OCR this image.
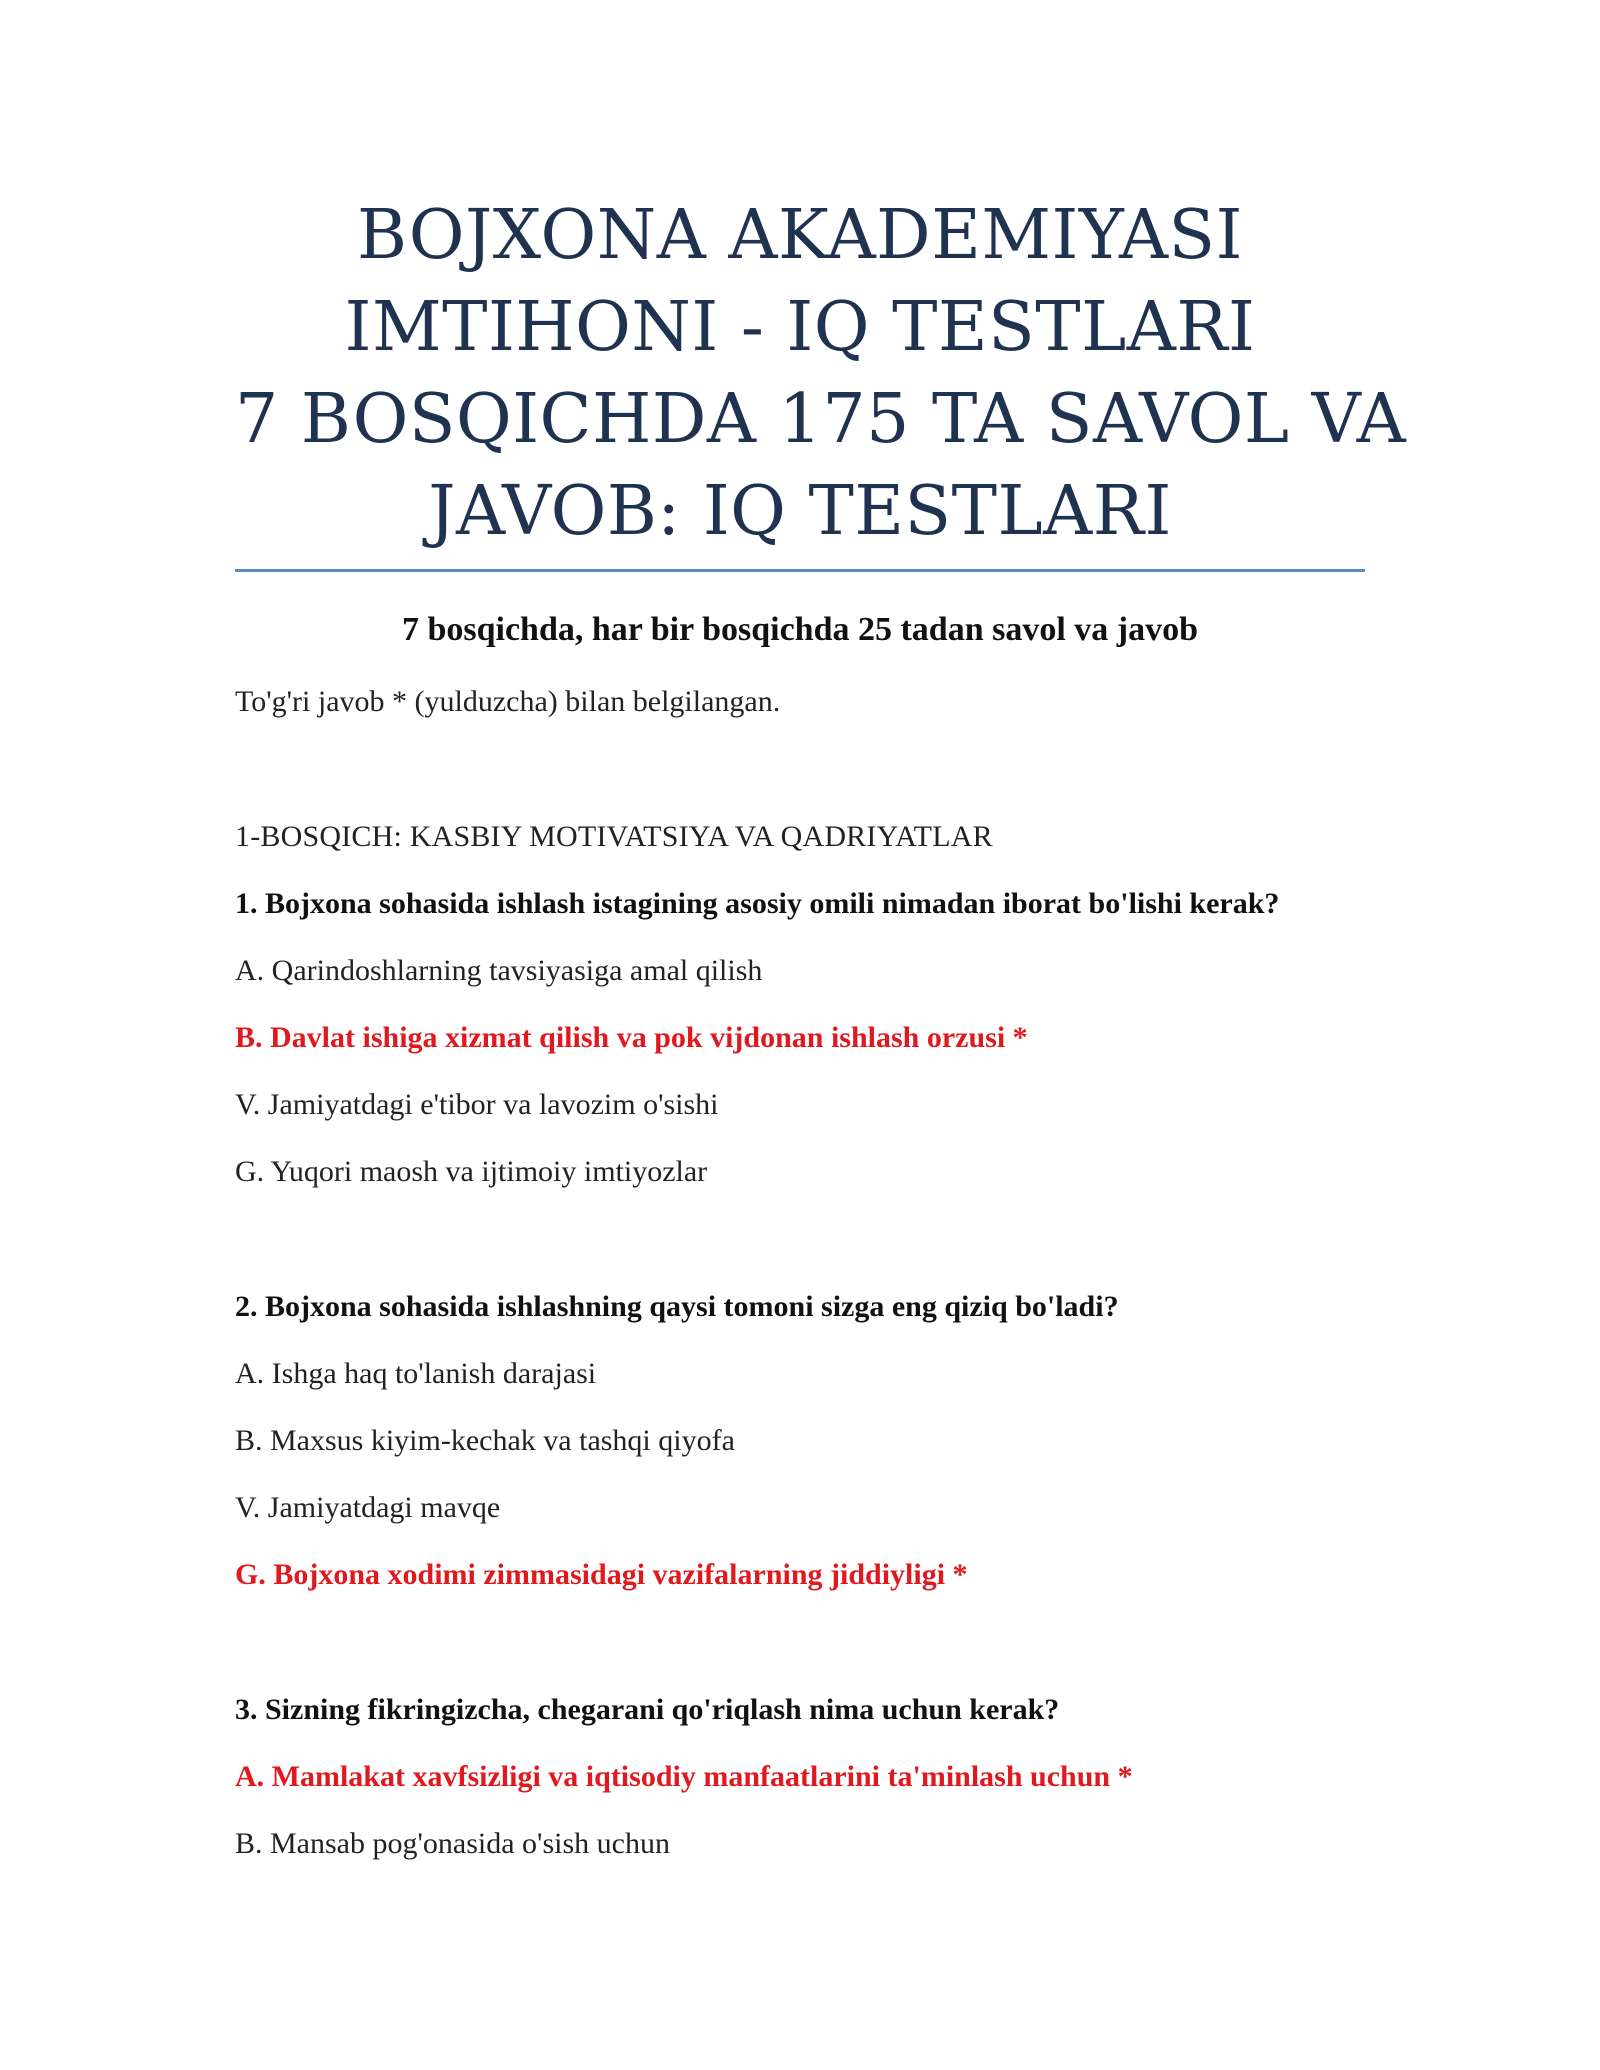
BOJXONA AKADEMIYASI
IMTIHONI - IQ TESTLARI
7 BOSQICHDA 175 TA SAVOL VA
JAVOB: IQ TESTLARI
7 bosqichda, har bir bosqichda 25 tadan savol va javob
To'g'ri javob * (yulduzcha) bilan belgilangan.
1-BOSQICH: KASBIY MOTIVATSIYA VA QADRIYATLAR
1. Bojxona sohasida ishlash istagining asosiy omili nimadan iborat bo'lishi kerak?
A. Qarindoshlarning tavsiyasiga amal qilish
B. Davlat ishiga xizmat qilish va pok vijdonan ishlash orzusi *
V. Jamiyatdagi e'tibor va lavozim o'sishi
G. Yuqori maosh va ijtimoiy imtiyozlar
2. Bojxona sohasida ishlashning qaysi tomoni sizga eng qiziq bo'ladi?
A. Ishga haq to'lanish darajasi
B. Maxsus kiyim-kechak va tashqi qiyofa
V. Jamiyatdagi mavqe
G. Bojxona xodimi zimmasidagi vazifalarning jiddiyligi *
3. Sizning fikringizcha, chegarani qo'riqlash nima uchun kerak?
A. Mamlakat xavfsizligi va iqtisodiy manfaatlarini ta'minlash uchun *
B. Mansab pog'onasida o'sish uchun
